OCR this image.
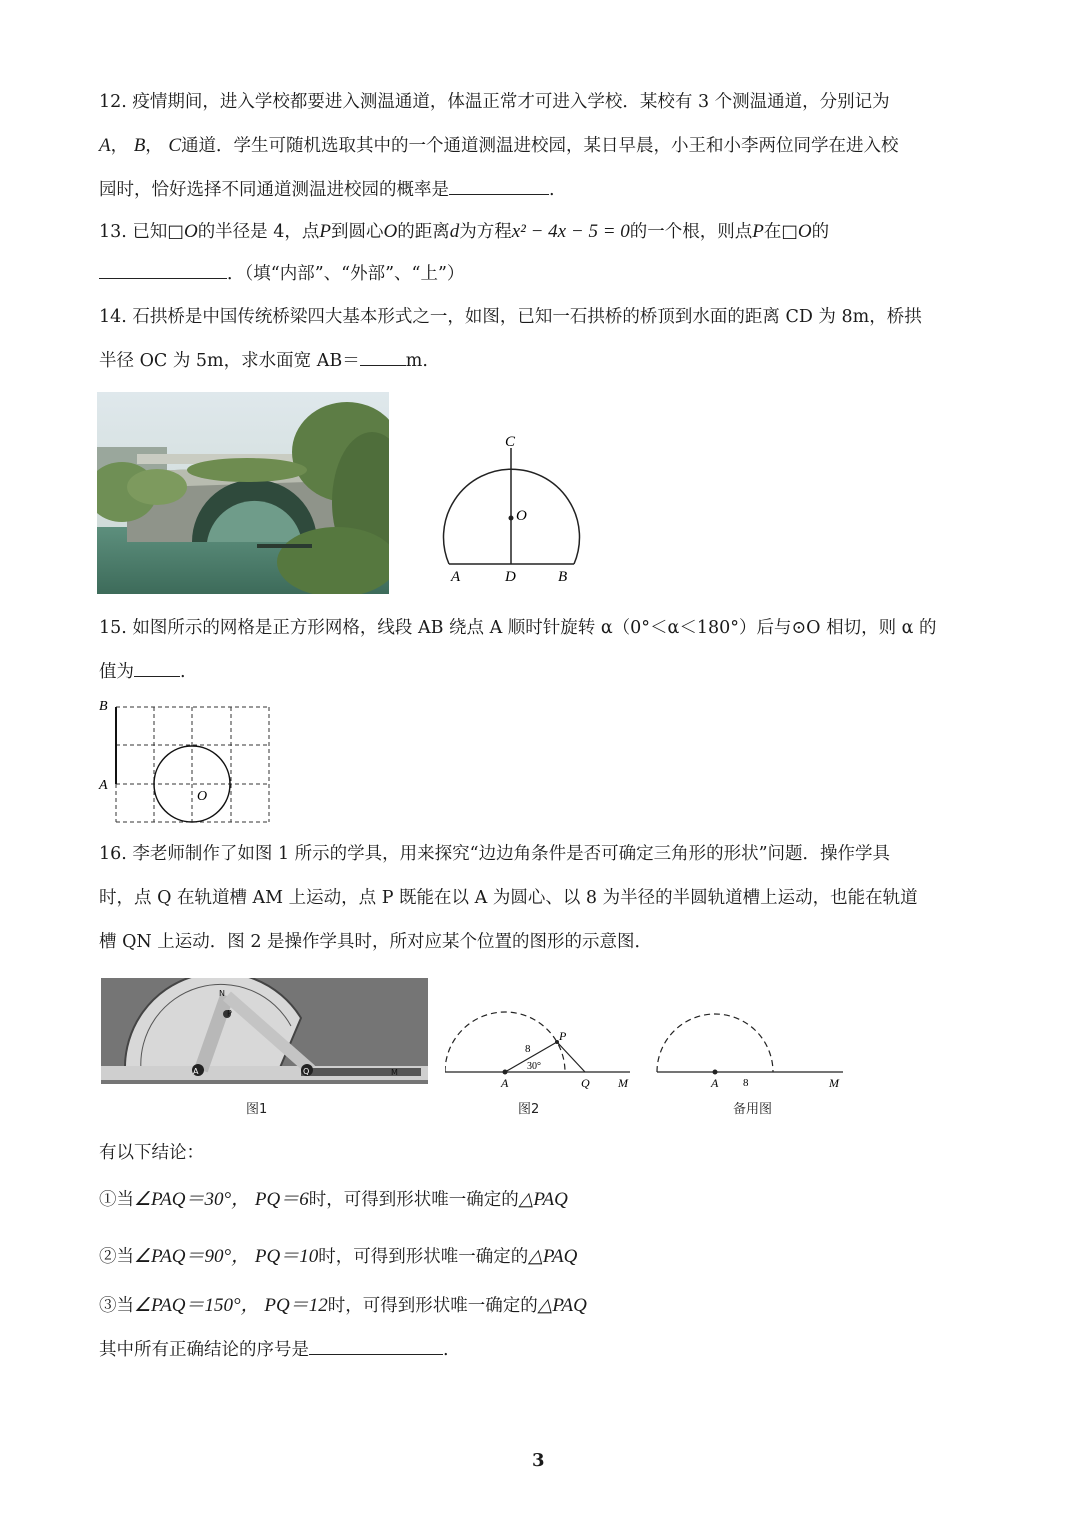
12. 疫情期间，进入学校都要进入测温通道，体温正常才可进入学校．某校有 3 个测温通道，分别记为
A， B， C通道．学生可随机选取其中的一个通道测温进校园，某日早晨，小王和小李两位同学在进入校
园时，恰好选择不同通道测温进校园的概率是	.
13. 已知□O的半径是 4，点P到圆心O的距离d为方程x² − 4x − 5 = 0的一个根，则点P在□O的
．（填“内部”、“外部”、“上”）
14. 石拱桥是中国传统桥梁四大基本形式之一，如图，已知一石拱桥的桥顶到水面的距离 CD 为 8m，桥拱
半径 OC 为 5m，求水面宽 AB＝	m.
C
O
A	D	B
15. 如图所示的网格是正方形网格，线段 AB 绕点 A 顺时针旋转 α（0°＜α＜180°）后与⊙O 相切，则 α 的
值为	.
B
A
O
16. 李老师制作了如图 1 所示的学具，用来探究“边边角条件是否可确定三角形的形状”问题．操作学具
时，点 Q 在轨道槽 AM 上运动，点 P 既能在以 A 为圆心、以 8 为半径的半圆轨道槽上运动，也能在轨道
槽 QN 上运动．图 2 是操作学具时，所对应某个位置的图形的示意图．
N
P
A	Q	M
图1
P
8
30°
A	Q M
图2
A 8	M
备用图
有以下结论：
①当∠PAQ＝30°， PQ＝6时，可得到形状唯一确定的△PAQ
②当∠PAQ＝90°， PQ＝10时，可得到形状唯一确定的△PAQ
③当∠PAQ＝150°， PQ＝12时，可得到形状唯一确定的△PAQ
其中所有正确结论的序号是	.
3
